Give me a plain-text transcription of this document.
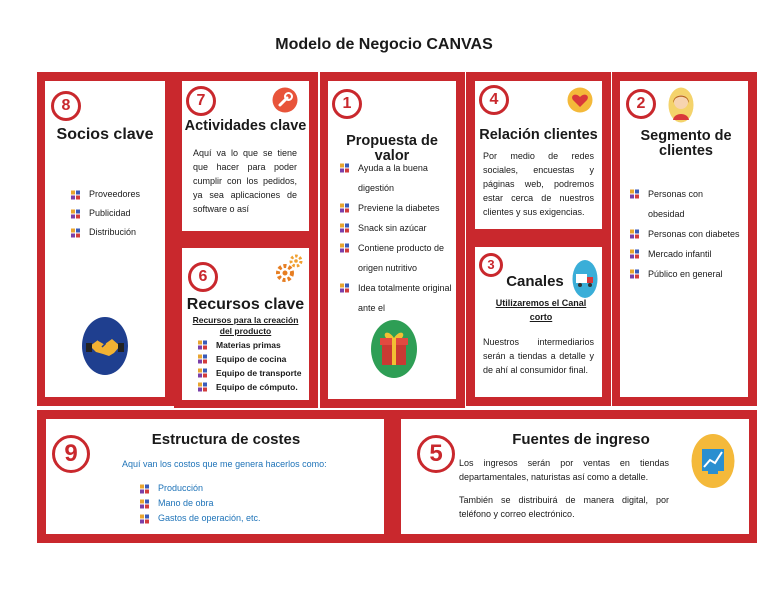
Modelo de Negocio CANVAS
8
Socios clave
Proveedores
Publicidad
Distribución
7
Actividades clave
Aquí va lo que se tiene que hacer para poder cumplir con los pedidos, ya sea aplicaciones de software o así
6
Recursos clave
Recursos para la creación del producto
Materias primas
Equipo de cocina
Equipo de transporte
Equipo de cómputo.
1
Propuesta de valor
Ayuda a la buena digestión
Previene la diabetes
Snack sin azúcar
Contiene producto de origen nutritivo
Idea totalmente original ante el
4
Relación clientes
Por medio de redes sociales, encuestas y páginas web, podremos estar cerca de nuestros clientes y sus exigencias.
3
Canales
Utilizaremos el Canal corto
Nuestros intermediarios serán a tiendas a detalle y de ahí al consumidor final.
2
Segmento de clientes
Personas con obesidad
Personas con diabetes
Mercado infantil
Público en general
9
Estructura de costes
Aquí van los costos que me genera hacerlos como:
Producción
Mano de obra
Gastos de operación, etc.
5
Fuentes de ingreso
Los ingresos serán por ventas en tiendas departamentales, naturistas así como a detalle.
También se distribuirá de manera digital, por teléfono y correo electrónico.
